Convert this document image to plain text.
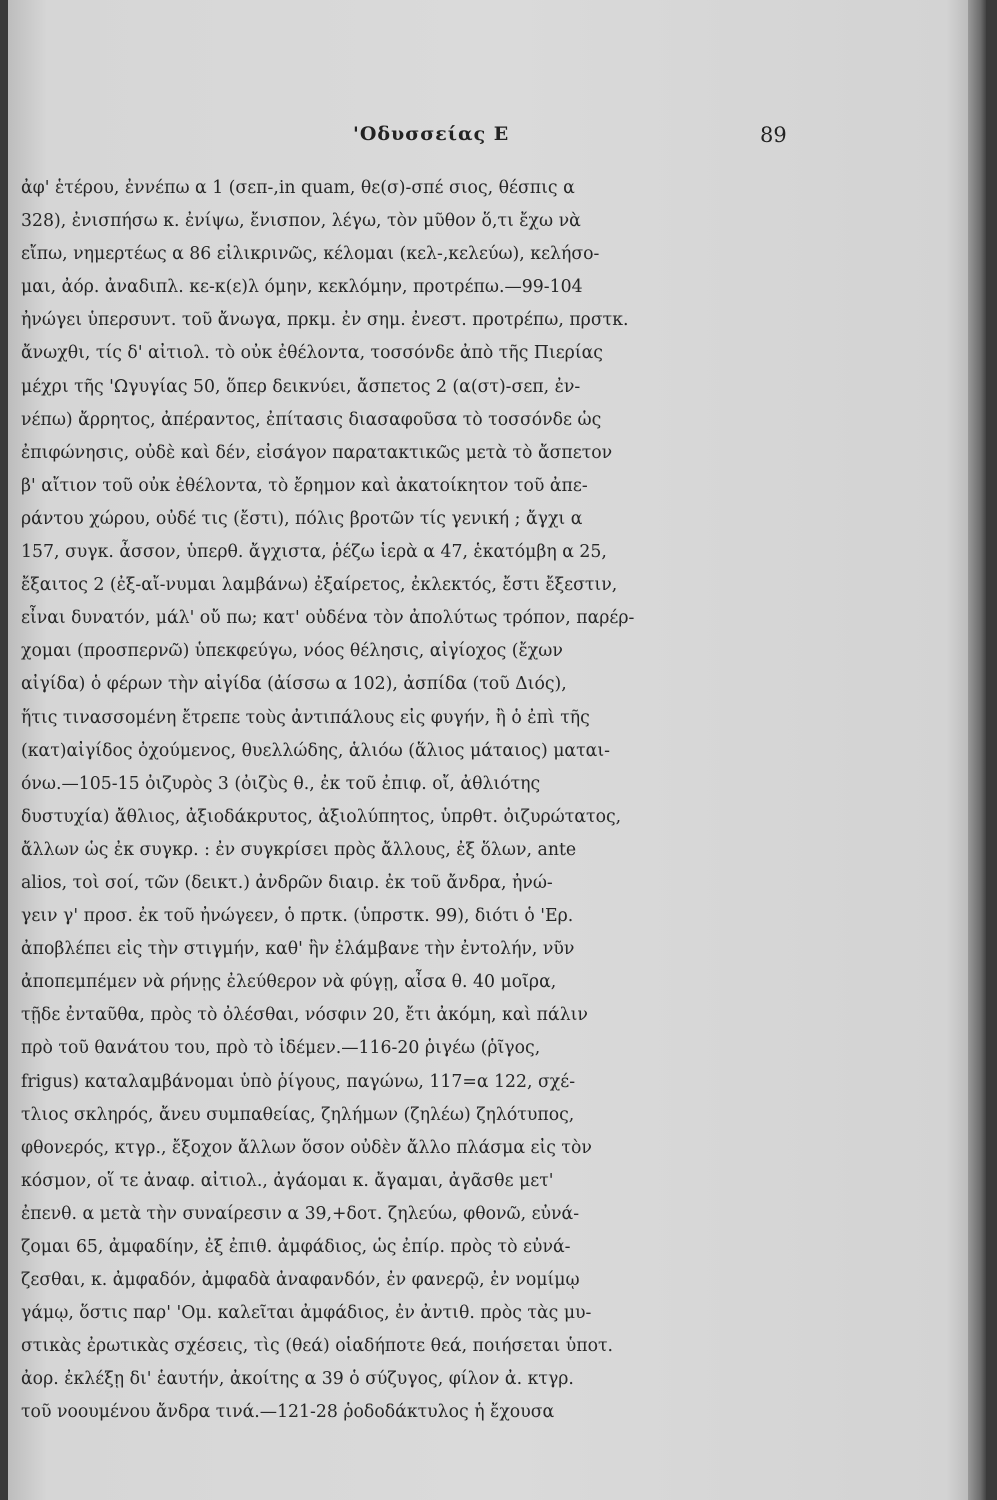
'Οδυσσείας Ε	89
ἀφ' ἑτέρου, ἐννέπω α 1 (σεπ-,in quam, θε(σ)-σπέ σιος, θέσπις α
328), ἐνισπήσω κ. ἐνίψω, ἔνισπον, λέγω, τὸν μῦθον ὅ,τι ἔχω νὰ
εἴπω, νημερτέως α 86 εἰλικρινῶς, κέλομαι (κελ-,κελεύω), κελήσο-
μαι, ἀόρ. ἀναδιπλ. κε-κ(ε)λ όμην, κεκλόμην, προτρέπω.—99-104
ἠνώγει ὑπερσυντ. τοῦ ἄνωγα, πρκμ. ἐν σημ. ἐνεστ. προτρέπω, πρστκ.
ἄνωχθι, τίς δ' αἰτιολ. τὸ οὐκ ἐθέλοντα, τοσσόνδε ἀπὸ τῆς Πιερίας
μέχρι τῆς 'Ωγυγίας 50, ὅπερ δεικνύει, ἄσπετος 2 (α(στ)-σεπ, ἐν-
νέπω) ἄρρητος, ἀπέραντος, ἐπίτασις διασαφοῦσα τὸ τοσσόνδε ὡς
ἐπιφώνησις, οὐδὲ καὶ δέν, εἰσάγον παρατακτικῶς μετὰ τὸ ἄσπετον
β' αἴτιον τοῦ οὐκ ἐθέλοντα, τὸ ἔρημον καὶ ἀκατοίκητον τοῦ ἀπε-
ράντου χώρου, οὐδέ τις (ἔστι), πόλις βροτῶν τίς γενική ; ἄγχι α
157, συγκ. ἆσσον, ὑπερθ. ἄγχιστα, ῥέζω ἱερὰ α 47, ἑκατόμβη α 25,
ἔξαιτος 2 (ἐξ-αἴ-νυμαι λαμβάνω) ἐξαίρετος, ἐκλεκτός, ἔστι ἔξεστιν,
εἶναι δυνατόν, μάλ' οὔ πω; κατ' οὐδένα τὸν ἀπολύτως τρόπον, παρέρ-
χομαι (προσπερνῶ) ὑπεκφεύγω, νόος θέλησις, αἰγίοχος (ἔχων
αἰγίδα) ὁ φέρων τὴν αἰγίδα (ἀίσσω α 102), ἀσπίδα (τοῦ Διός),
ἥτις τινασσομένη ἔτρεπε τοὺς ἀντιπάλους εἰς φυγήν, ἢ ὁ ἐπὶ τῆς
(κατ)αἰγίδος ὀχούμενος, θυελλώδης, ἁλιόω (ἅλιος μάταιος) μαται-
όνω.—105-15 ὀιζυρὸς 3 (ὀιζὺς θ., ἐκ τοῦ ἐπιφ. οἴ, ἀθλιότης
δυστυχία) ἄθλιος, ἀξιοδάκρυτος, ἀξιολύπητος, ὑπρθτ. ὀιζυρώτατος,
ἄλλων ὡς ἐκ συγκρ. : ἐν συγκρίσει πρὸς ἄλλους, ἐξ ὅλων, ante
alios, τοὶ σοί, τῶν (δεικτ.) ἀνδρῶν διαιρ. ἐκ τοῦ ἄνδρα, ἠνώ-
γειν γ' προσ. ἐκ τοῦ ἠνώγεεν, ὁ πρτκ. (ὑπρστκ. 99), διότι ὁ 'Ερ.
ἀποβλέπει εἰς τὴν στιγμήν, καθ' ἣν ἐλάμβανε τὴν ἐντολήν, νῦν
ἀποπεμπέμεν νὰ ρήνῃς ἐλεύθερον νὰ φύγῃ, αἶσα θ. 40 μοῖρα,
τῇδε ἐνταῦθα, πρὸς τὸ ὀλέσθαι, νόσφιν 20, ἔτι ἀκόμη, καὶ πάλιν
πρὸ τοῦ θανάτου του, πρὸ τὸ ἰδέμεν.—116-20 ῥιγέω (ῥῖγος,
frigus) καταλαμβάνομαι ὑπὸ ῥίγους, παγώνω, 117=α 122, σχέ-
τλιος σκληρός, ἄνευ συμπαθείας, ζηλήμων (ζηλέω) ζηλότυπος,
φθονερός, κτγρ., ἔξοχον ἄλλων ὅσον οὐδὲν ἄλλο πλάσμα εἰς τὸν
κόσμον, οἵ τε ἀναφ. αἰτιολ., ἀγάομαι κ. ἄγαμαι, ἀγᾶσθε μετ'
ἐπενθ. α μετὰ τὴν συναίρεσιν α 39,+δοτ. ζηλεύω, φθονῶ, εὐνά-
ζομαι 65, ἀμφαδίην, ἐξ ἐπιθ. ἀμφάδιος, ὡς ἐπίρ. πρὸς τὸ εὐνά-
ζεσθαι, κ. ἀμφαδόν, ἀμφαδὰ ἀναφανδόν, ἐν φανερῷ, ἐν νομίμῳ
γάμῳ, ὅστις παρ' 'Ομ. καλεῖται ἀμφάδιος, ἐν ἀντιθ. πρὸς τὰς μυ-
στικὰς ἐρωτικὰς σχέσεις, τὶς (θεά) οἱαδήποτε θεά, ποιήσεται ὑποτ.
ἀορ. ἐκλέξῃ δι' ἑαυτήν, ἀκοίτης α 39 ὁ σύζυγος, φίλον ἀ. κτγρ.
τοῦ νοουμένου ἄνδρα τινά.—121-28 ῥοδοδάκτυλος ἡ ἔχουσα
